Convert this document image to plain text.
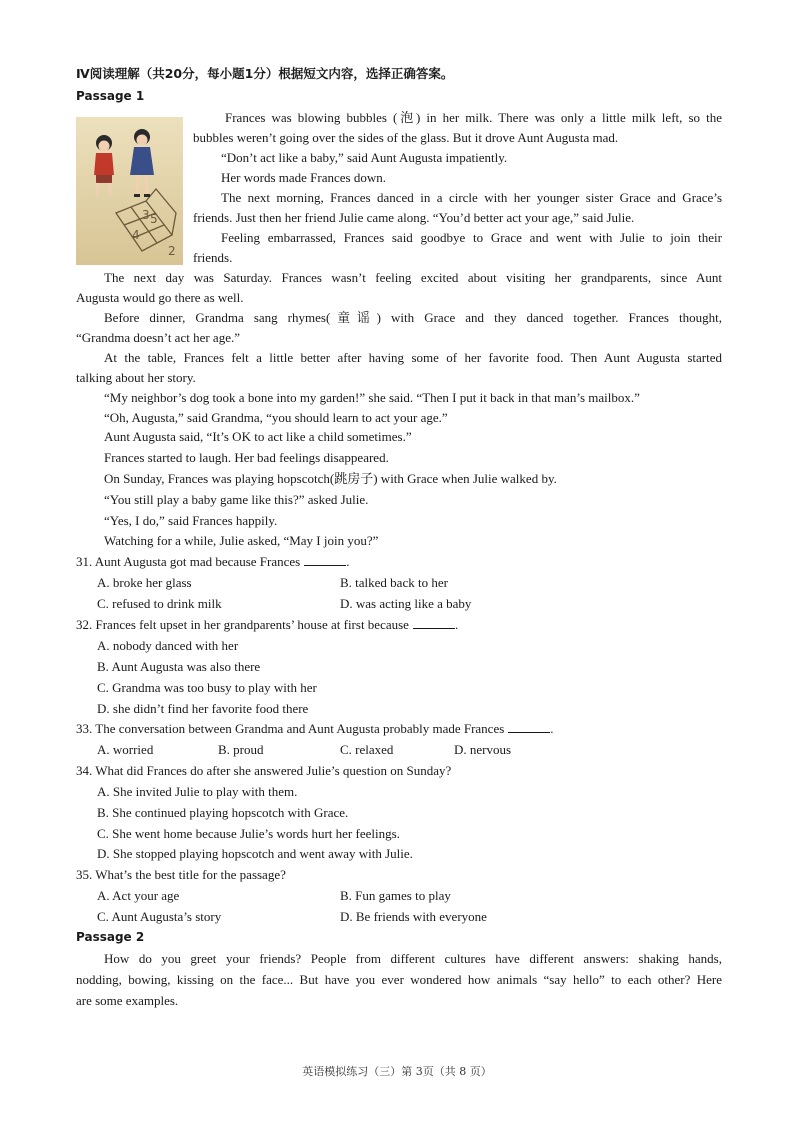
Ⅳ阅读理解（共20分，每小题1分）根据短文内容，选择正确答案。
Passage 1
4
5
3
2
Frances was blowing bubbles (泡) in her milk. There was only a little milk left, so the
bubbles weren’t going over the sides of the glass. But it drove Aunt Augusta mad.
“Don’t act like a baby,” said Aunt Augusta impatiently.
Her words made Frances down.
The next morning, Frances danced in a circle with her younger sister Grace and Grace’s
friends. Just then her friend Julie came along. “You’d better act your age,” said Julie.
Feeling embarrassed, Frances said goodbye to Grace and went with Julie to join their
friends.
The next day was Saturday. Frances wasn’t feeling excited about visiting her grandparents, since Aunt
Augusta would go there as well.
Before dinner, Grandma sang rhymes(童谣) with Grace and they danced together. Frances thought,
“Grandma doesn’t act her age.”
At the table, Frances felt a little better after having some of her favorite food. Then Aunt Augusta started
talking about her story.
“My neighbor’s dog took a bone into my garden!” she said. “Then I put it back in that man’s mailbox.”
“Oh, Augusta,” said Grandma, “you should learn to act your age.”
Aunt Augusta said, “It’s OK to act like a child sometimes.”
Frances started to laugh. Her bad feelings disappeared.
On Sunday, Frances was playing hopscotch(跳房子) with Grace when Julie walked by.
“You still play a baby game like this?” asked Julie.
“Yes, I do,” said Frances happily.
Watching for a while, Julie asked, “May I join you?”
31. Aunt Augusta got mad because Frances	.
A. broke her glass	B. talked back to her
C. refused to drink milk	D. was acting like a baby
32. Frances felt upset in her grandparents’ house at first because	.
A. nobody danced with her
B. Aunt Augusta was also there
C. Grandma was too busy to play with her
D. she didn’t find her favorite food there
33. The conversation between Grandma and Aunt Augusta probably made Frances	.
A. worried	B. proud	C. relaxed	D. nervous
34. What did Frances do after she answered Julie’s question on Sunday?
A. She invited Julie to play with them.
B. She continued playing hopscotch with Grace.
C. She went home because Julie’s words hurt her feelings.
D. She stopped playing hopscotch and went away with Julie.
35. What’s the best title for the passage?
A. Act your age	B. Fun games to play
C. Aunt Augusta’s story	D. Be friends with everyone
Passage 2
How do you greet your friends? People from different cultures have different answers: shaking hands,
nodding, bowing, kissing on the face... But have you ever wondered how animals “say hello” to each other? Here
are some examples.
英语模拟练习（三）第 3页（共 8 页）
